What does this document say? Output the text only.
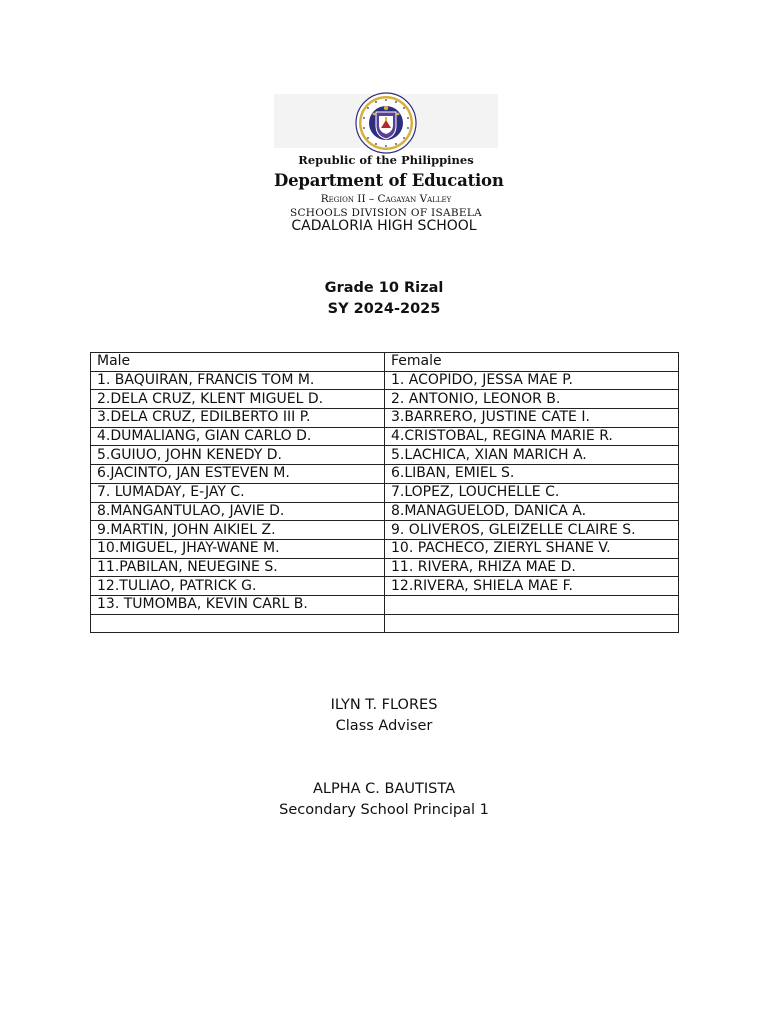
Republic of the Philippines
Department of Education
Region II – Cagayan Valley
SCHOOLS DIVISION OF ISABELA
CADALORIA HIGH SCHOOL
Grade 10 Rizal
SY 2024-2025
Male	Female
1. BAQUIRAN, FRANCIS TOM M.	1. ACOPIDO, JESSA MAE P.
2.DELA CRUZ, KLENT MIGUEL D.	2. ANTONIO, LEONOR B.
3.DELA CRUZ, EDILBERTO III P.	3.BARRERO, JUSTINE CATE I.
4.DUMALIANG, GIAN CARLO D.	4.CRISTOBAL, REGINA MARIE R.
5.GUIUO, JOHN KENEDY D.	5.LACHICA, XIAN MARICH A.
6.JACINTO, JAN ESTEVEN M.	6.LIBAN, EMIEL S.
7. LUMADAY, E-JAY C.	7.LOPEZ, LOUCHELLE C.
8.MANGANTULAO, JAVIE D.	8.MANAGUELOD, DANICA A.
9.MARTIN, JOHN AIKIEL Z.	9. OLIVEROS, GLEIZELLE CLAIRE S.
10.MIGUEL, JHAY-WANE M.	10. PACHECO, ZIERYL SHANE V.
11.PABILAN, NEUEGINE S.	11. RIVERA, RHIZA MAE D.
12.TULIAO, PATRICK G.	12.RIVERA, SHIELA MAE F.
13. TUMOMBA, KEVIN CARL B.	

ILYN T. FLORES
Class Adviser
ALPHA C. BAUTISTA
Secondary School Principal 1
